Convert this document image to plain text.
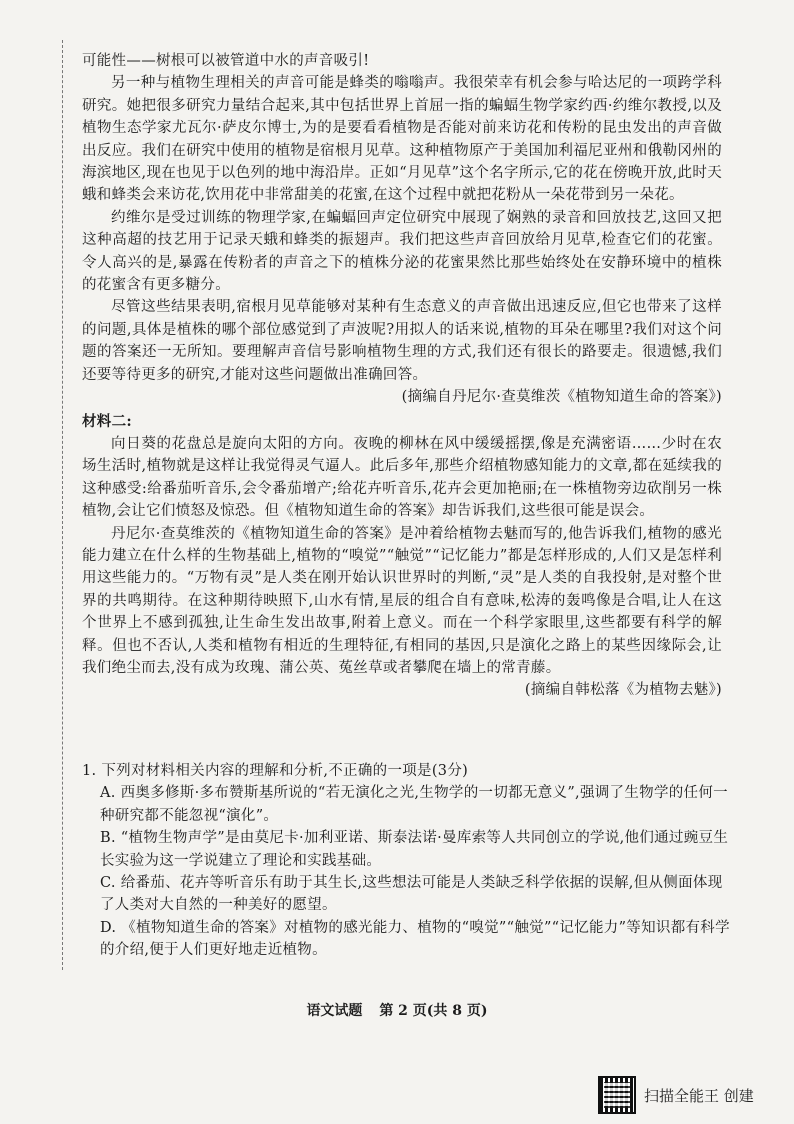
可能性——树根可以被管道中水的声音吸引!

另一种与植物生理相关的声音可能是蜂类的嗡嗡声。我很荣幸有机会参与哈达尼的一项跨学科研究。她把很多研究力量结合起来,其中包括世界上首屈一指的蝙蝠生物学家约西·约维尔教授,以及植物生态学家尤瓦尔·萨皮尔博士,为的是要看看植物是否能对前来访花和传粉的昆虫发出的声音做出反应。我们在研究中使用的植物是宿根月见草。这种植物原产于美国加利福尼亚州和俄勒冈州的海滨地区,现在也见于以色列的地中海沿岸。正如“月见草”这个名字所示,它的花在傍晚开放,此时天蛾和蜂类会来访花,饮用花中非常甜美的花蜜,在这个过程中就把花粉从一朵花带到另一朵花。

约维尔是受过训练的物理学家,在蝙蝠回声定位研究中展现了娴熟的录音和回放技艺,这回又把这种高超的技艺用于记录天蛾和蜂类的振翅声。我们把这些声音回放给月见草,检查它们的花蜜。令人高兴的是,暴露在传粉者的声音之下的植株分泌的花蜜果然比那些始终处在安静环境中的植株的花蜜含有更多糖分。

尽管这些结果表明,宿根月见草能够对某种有生态意义的声音做出迅速反应,但它也带来了这样的问题,具体是植株的哪个部位感觉到了声波呢?用拟人的话来说,植物的耳朵在哪里?我们对这个问题的答案还一无所知。要理解声音信号影响植物生理的方式,我们还有很长的路要走。很遗憾,我们还要等待更多的研究,才能对这些问题做出准确回答。

(摘编自丹尼尔·查莫维茨《植物知道生命的答案》)

材料二:

向日葵的花盘总是旋向太阳的方向。夜晚的柳林在风中缓缓摇摆,像是充满密语……少时在农场生活时,植物就是这样让我觉得灵气逼人。此后多年,那些介绍植物感知能力的文章,都在延续我的这种感受:给番茄听音乐,会令番茄增产;给花卉听音乐,花卉会更加艳丽;在一株植物旁边砍削另一株植物,会让它们愤怒及惊恐。但《植物知道生命的答案》却告诉我们,这些很可能是误会。

丹尼尔·查莫维茨的《植物知道生命的答案》是冲着给植物去魅而写的,他告诉我们,植物的感光能力建立在什么样的生物基础上,植物的“嗅觉”“触觉”“记忆能力”都是怎样形成的,人们又是怎样利用这些能力的。“万物有灵”是人类在刚开始认识世界时的判断,“灵”是人类的自我投射,是对整个世界的共鸣期待。在这种期待映照下,山水有情,星辰的组合自有意味,松涛的轰鸣像是合唱,让人在这个世界上不感到孤独,让生命生发出故事,附着上意义。而在一个科学家眼里,这些都要有科学的解释。但也不否认,人类和植物有相近的生理特征,有相同的基因,只是演化之路上的某些因缘际会,让我们绝尘而去,没有成为玫瑰、蒲公英、菟丝草或者攀爬在墙上的常青藤。

(摘编自韩松落《为植物去魅》)

1. 下列对材料相关内容的理解和分析,不正确的一项是(3分)

A. 西奥多修斯·多布赞斯基所说的“若无演化之光,生物学的一切都无意义”,强调了生物学的任何一种研究都不能忽视“演化”。

B. “植物生物声学”是由莫尼卡·加利亚诺、斯泰法诺·曼库索等人共同创立的学说,他们通过豌豆生长实验为这一学说建立了理论和实践基础。

C. 给番茄、花卉等听音乐有助于其生长,这些想法可能是人类缺乏科学依据的误解,但从侧面体现了人类对大自然的一种美好的愿望。

D. 《植物知道生命的答案》对植物的感光能力、植物的“嗅觉”“触觉”“记忆能力”等知识都有科学的介绍,便于人们更好地走近植物。

语文试题 第 2 页(共 8 页)
扫描全能王 创建
